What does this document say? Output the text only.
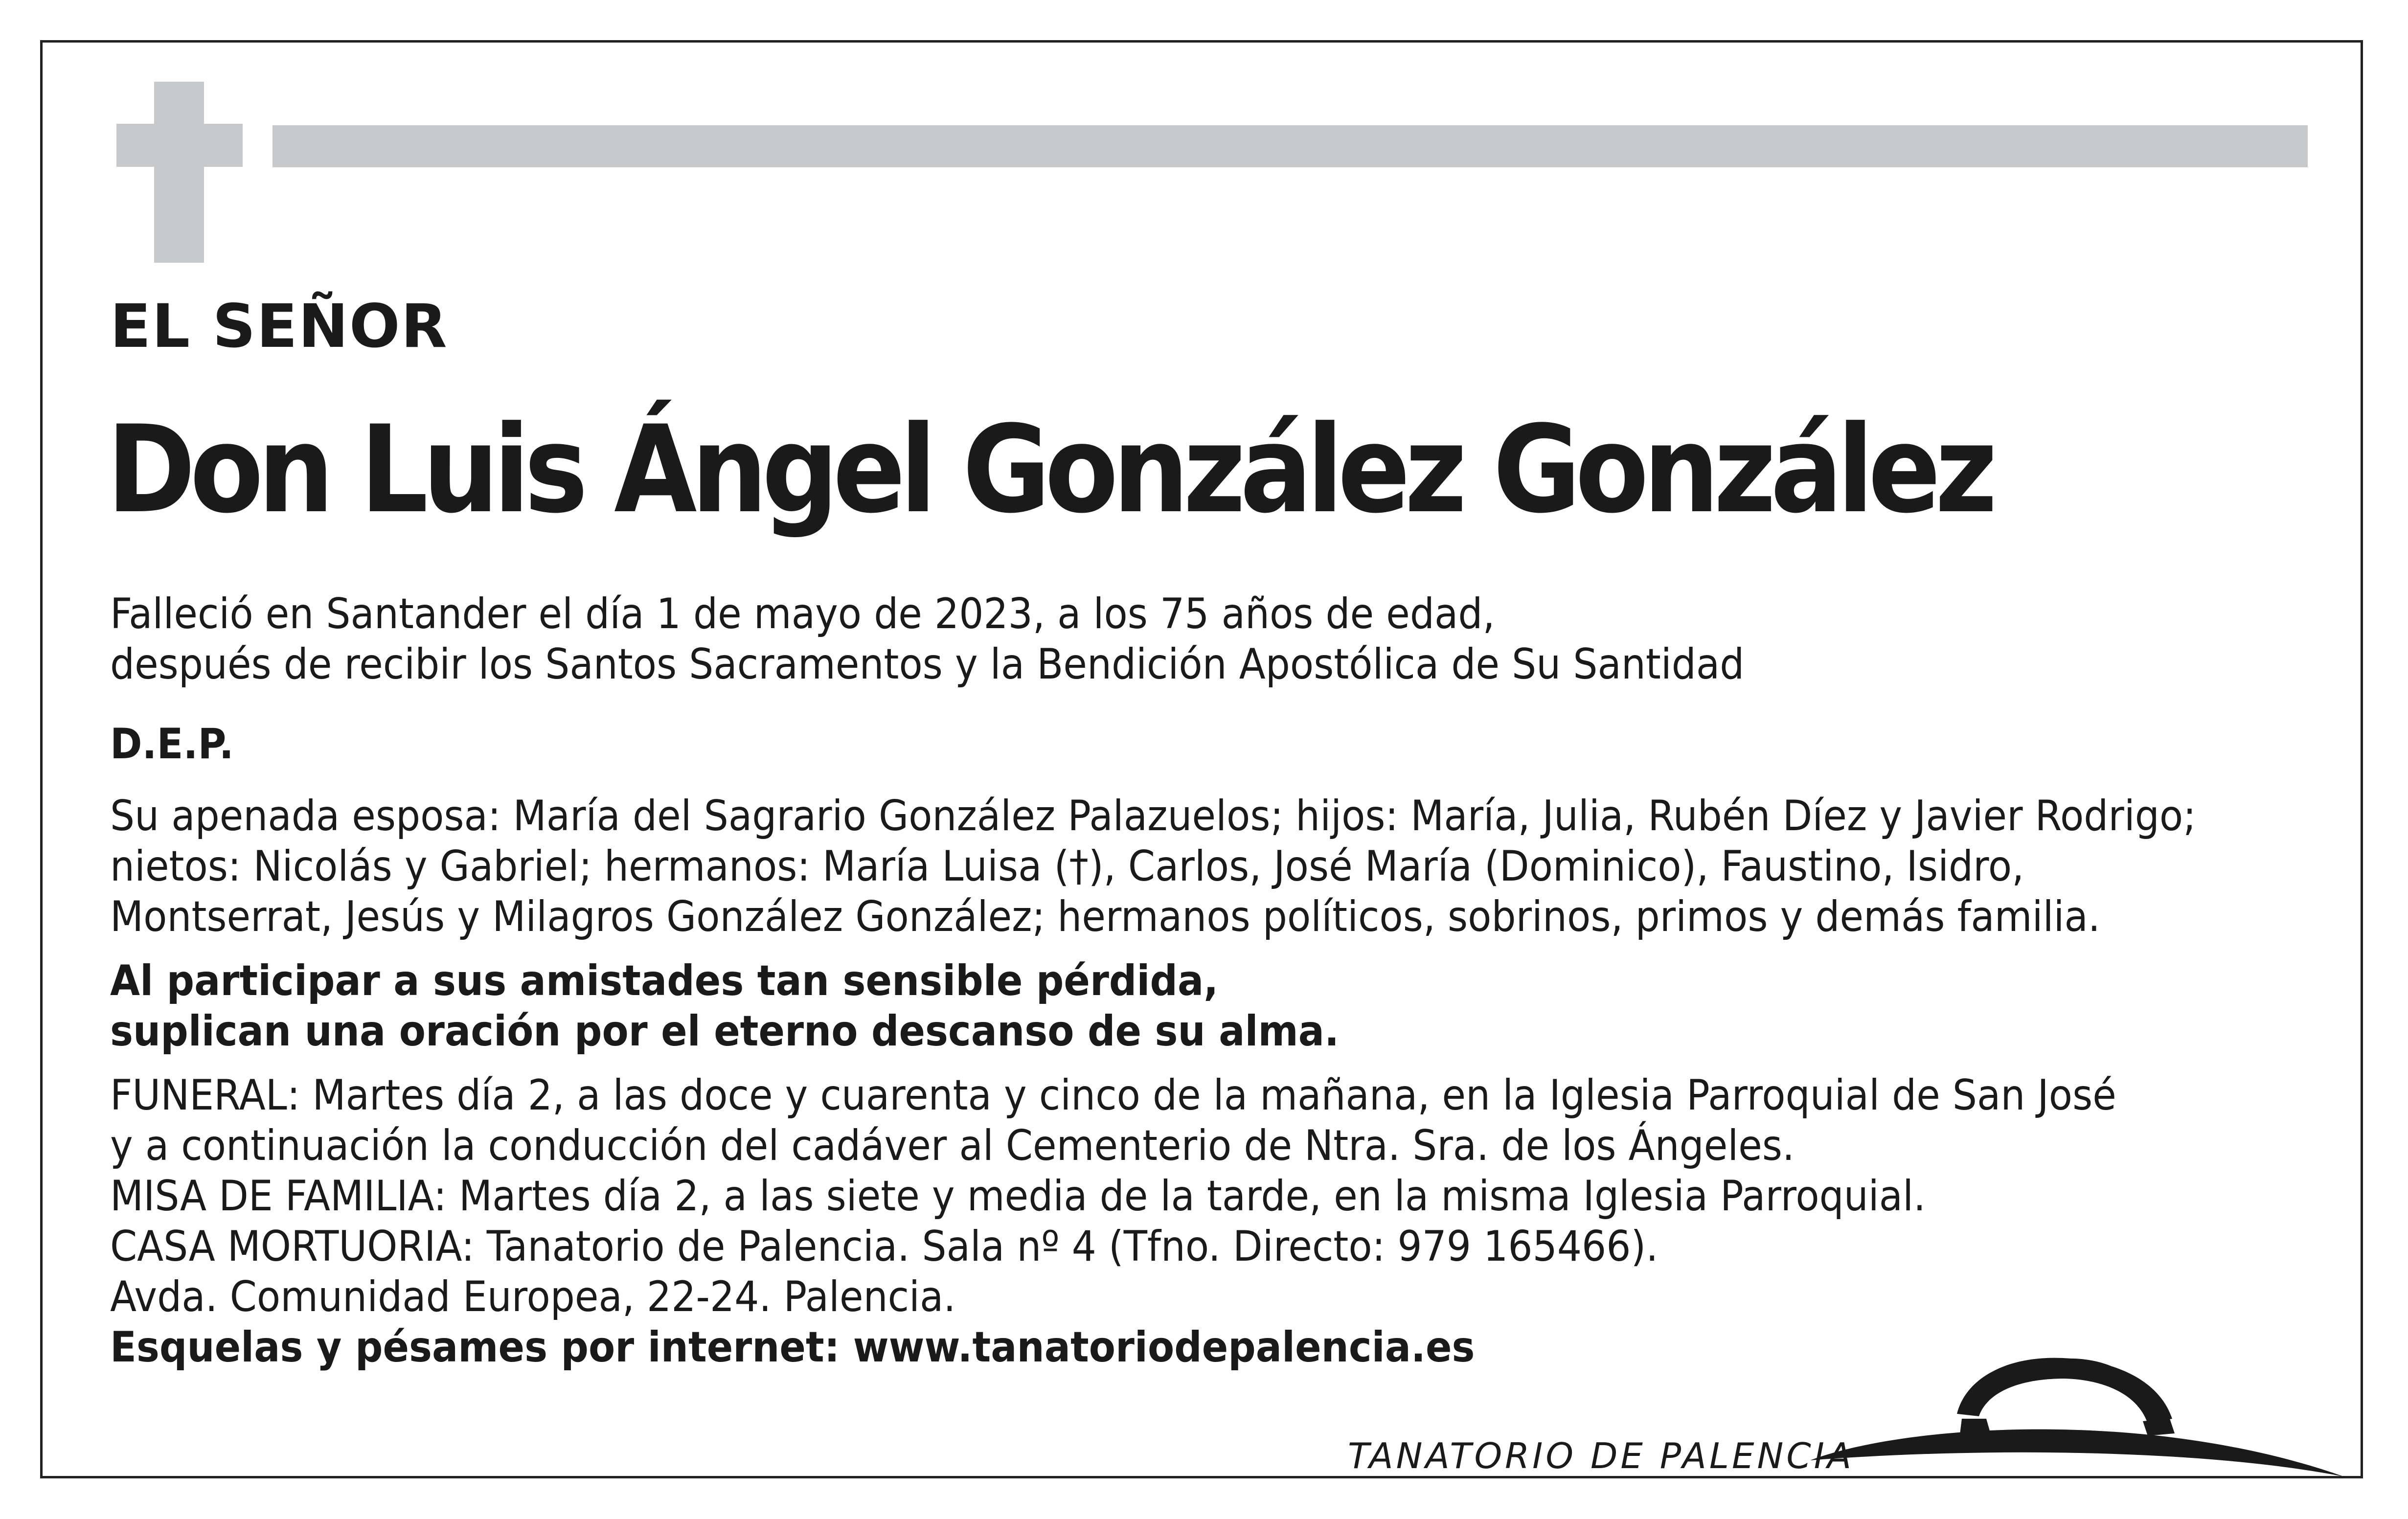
EL SEÑOR
Don Luis Ángel González González
Falleció en Santander el día 1 de mayo de 2023, a los 75 años de edad,
después de recibir los Santos Sacramentos y la Bendición Apostólica de Su Santidad
D.E.P.
Su apenada esposa: María del Sagrario González Palazuelos; hijos: María, Julia, Rubén Díez y Javier Rodrigo;
nietos: Nicolás y Gabriel; hermanos: María Luisa (†), Carlos, José María (Dominico), Faustino, Isidro,
Montserrat, Jesús y Milagros González González; hermanos políticos, sobrinos, primos y demás familia.
Al participar a sus amistades tan sensible pérdida,
suplican una oración por el eterno descanso de su alma.
FUNERAL: Martes día 2, a las doce y cuarenta y cinco de la mañana, en la Iglesia Parroquial de San José
y a continuación la conducción del cadáver al Cementerio de Ntra. Sra. de los Ángeles.
MISA DE FAMILIA: Martes día 2, a las siete y media de la tarde, en la misma Iglesia Parroquial.
CASA MORTUORIA: Tanatorio de Palencia. Sala nº 4 (Tfno. Directo: 979 165466).
Avda. Comunidad Europea, 22-24. Palencia.
Esquelas y pésames por internet: www.tanatoriodepalencia.es
TANATORIO DE PALENCIA
